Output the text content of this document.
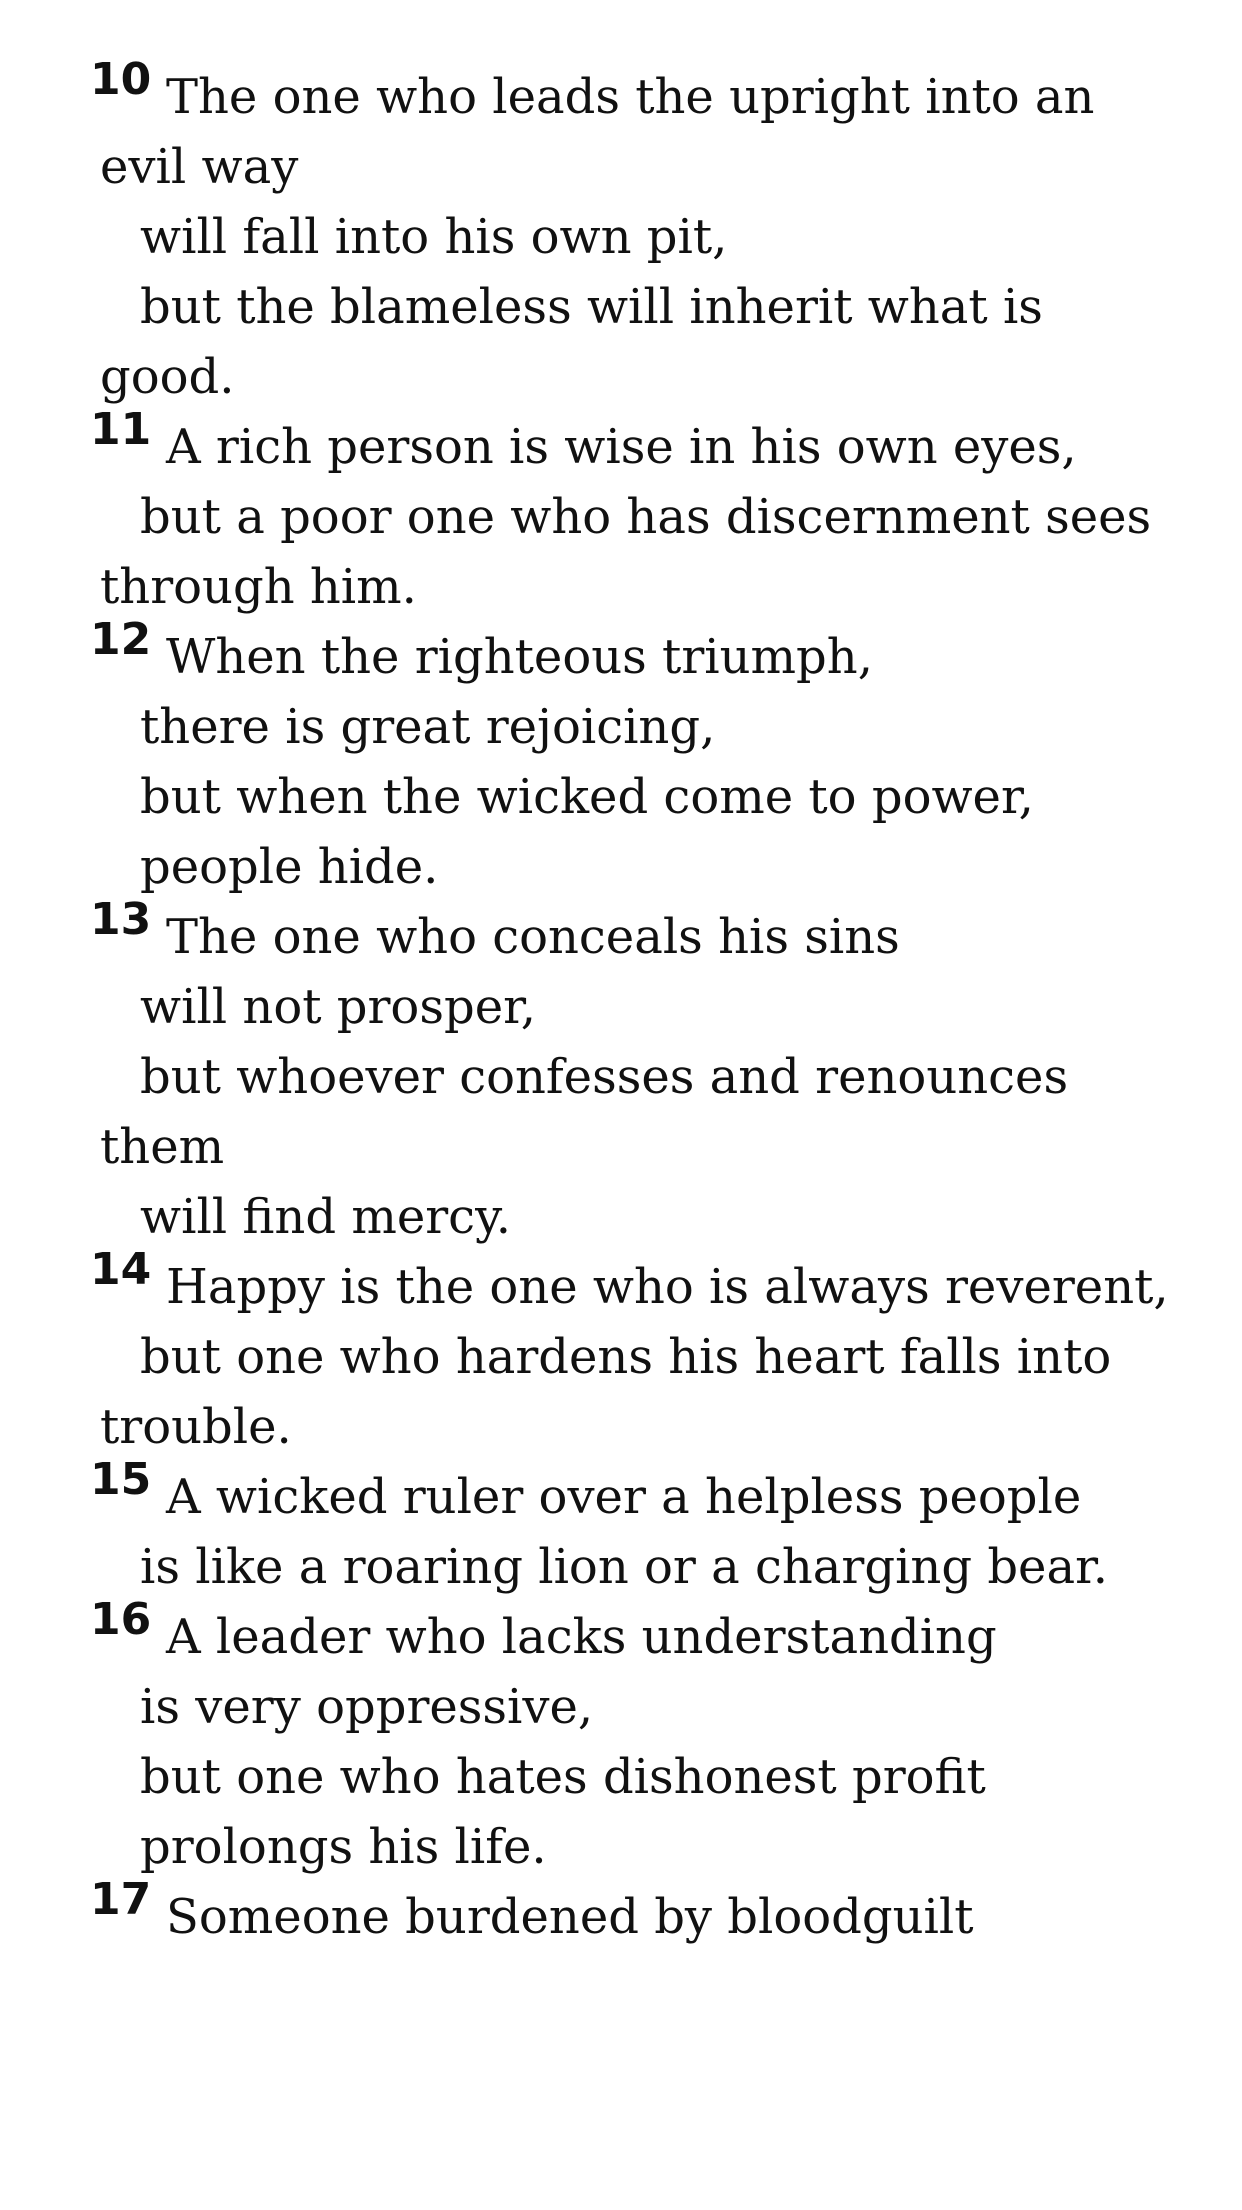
10 The one who leads the upright into an
evil way
will fall into his own pit,
but the blameless will inherit what is
good.
11 A rich person is wise in his own eyes,
but a poor one who has discernment sees
through him.
12 When the righteous triumph,
there is great rejoicing,
but when the wicked come to power,
people hide.
13 The one who conceals his sins
will not prosper,
but whoever confesses and renounces
them
will find mercy.
14 Happy is the one who is always reverent,
but one who hardens his heart falls into
trouble.
15 A wicked ruler over a helpless people
is like a roaring lion or a charging bear.
16 A leader who lacks understanding
is very oppressive,
but one who hates dishonest profit
prolongs his life.
17 Someone burdened by bloodguilt
